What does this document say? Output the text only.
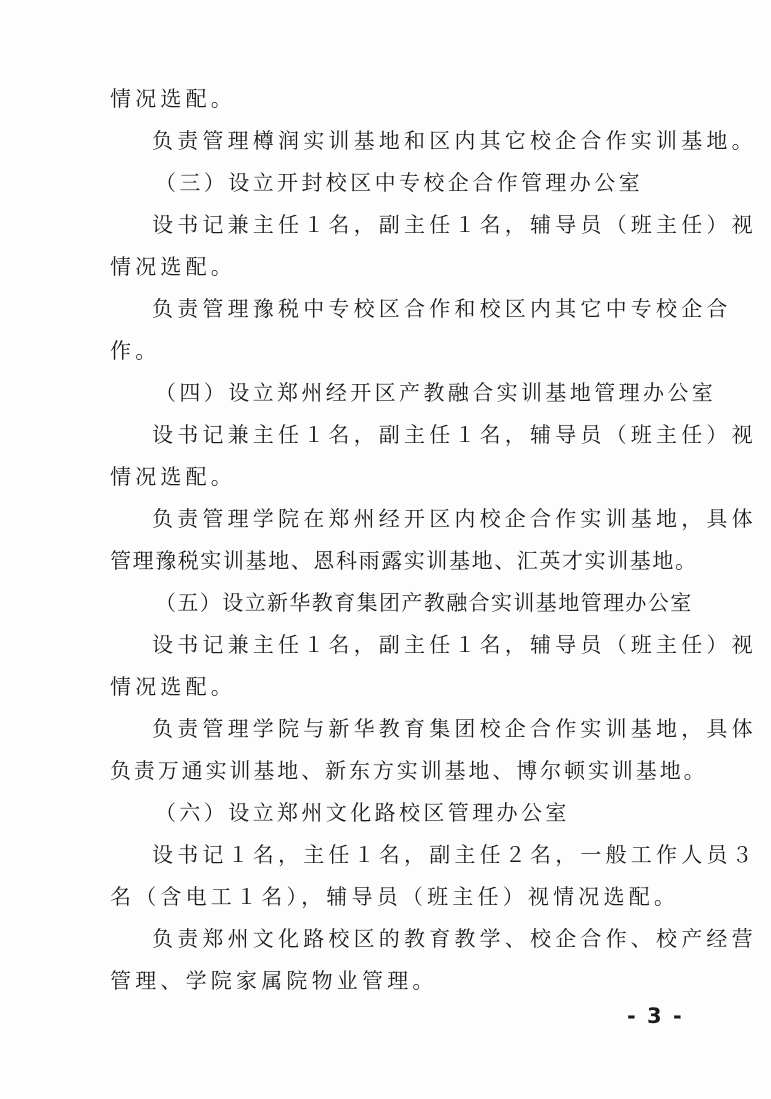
情况选配。
负责管理樽润实训基地和区内其它校企合作实训基地。
（三）设立开封校区中专校企合作管理办公室
设书记兼主任１名，副主任１名，辅导员（班主任）视
情况选配。
负责管理豫税中专校区合作和校区内其它中专校企合
作。
（四）设立郑州经开区产教融合实训基地管理办公室
设书记兼主任１名，副主任１名，辅导员（班主任）视
情况选配。
负责管理学院在郑州经开区内校企合作实训基地，具体
管理豫税实训基地、恩科雨露实训基地、汇英才实训基地。
（五）设立新华教育集团产教融合实训基地管理办公室
设书记兼主任１名，副主任１名，辅导员（班主任）视
情况选配。
负责管理学院与新华教育集团校企合作实训基地，具体
负责万通实训基地、新东方实训基地、博尔顿实训基地。
（六）设立郑州文化路校区管理办公室
设书记１名，主任１名，副主任２名，一般工作人员３
名（含电工１名），辅导员（班主任）视情况选配。
负责郑州文化路校区的教育教学、校企合作、校产经营
管理、学院家属院物业管理。
- 3 -
